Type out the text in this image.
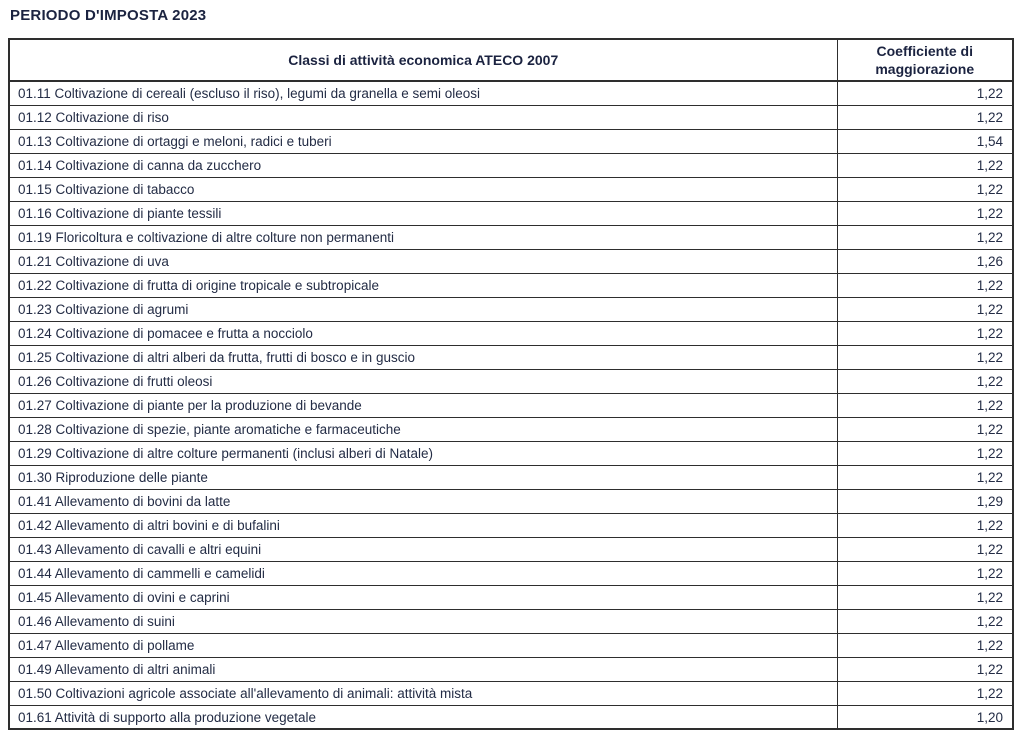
PERIODO D'IMPOSTA 2023
Classi di attività economica ATECO 2007	Coefficiente di maggiorazione
01.11 Coltivazione di cereali (escluso il riso), legumi da granella e semi oleosi	1,22
01.12 Coltivazione di riso	1,22
01.13 Coltivazione di ortaggi e meloni, radici e tuberi	1,54
01.14 Coltivazione di canna da zucchero	1,22
01.15 Coltivazione di tabacco	1,22
01.16 Coltivazione di piante tessili	1,22
01.19 Floricoltura e coltivazione di altre colture non permanenti	1,22
01.21 Coltivazione di uva	1,26
01.22 Coltivazione di frutta di origine tropicale e subtropicale	1,22
01.23 Coltivazione di agrumi	1,22
01.24 Coltivazione di pomacee e frutta a nocciolo	1,22
01.25 Coltivazione di altri alberi da frutta, frutti di bosco e in guscio	1,22
01.26 Coltivazione di frutti oleosi	1,22
01.27 Coltivazione di piante per la produzione di bevande	1,22
01.28 Coltivazione di spezie, piante aromatiche e farmaceutiche	1,22
01.29 Coltivazione di altre colture permanenti (inclusi alberi di Natale)	1,22
01.30 Riproduzione delle piante	1,22
01.41 Allevamento di bovini da latte	1,29
01.42 Allevamento di altri bovini e di bufalini	1,22
01.43 Allevamento di cavalli e altri equini	1,22
01.44 Allevamento di cammelli e camelidi	1,22
01.45 Allevamento di ovini e caprini	1,22
01.46 Allevamento di suini	1,22
01.47 Allevamento di pollame	1,22
01.49 Allevamento di altri animali	1,22
01.50 Coltivazioni agricole associate all'allevamento di animali: attività mista	1,22
01.61 Attività di supporto alla produzione vegetale	1,20
